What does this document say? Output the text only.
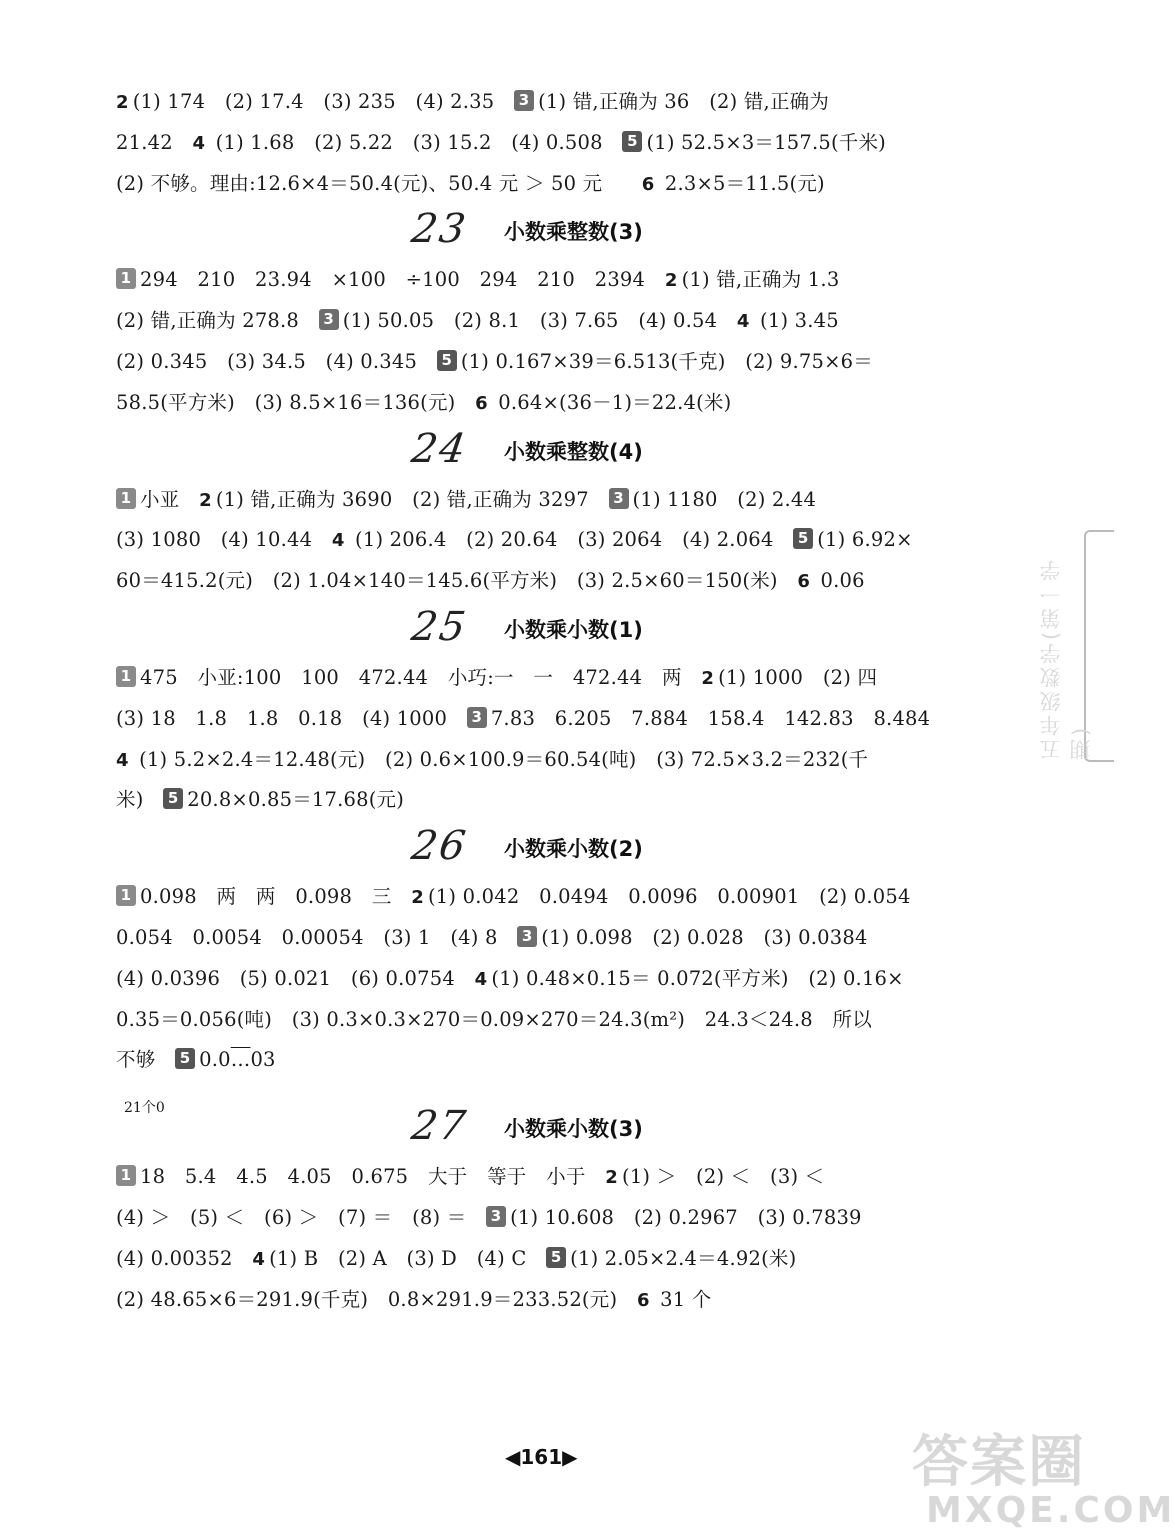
2 (1) 174　(2) 17.4　(3) 235　(4) 2.35　3 (1) 错,正确为 36　(2) 错,正确为
21.42　4 (1) 1.68　(2) 5.22　(3) 15.2　(4) 0.508　5 (1) 52.5×3＝157.5(千米)
(2) 不够。理由:12.6×4＝50.4(元)、50.4 元 ＞ 50 元　　6 2.3×5＝11.5(元)
23 小数乘整数(3)
1 294　210　23.94　×100　÷100　294　210　2394　2 (1) 错,正确为 1.3
(2) 错,正确为 278.8　3 (1) 50.05　(2) 8.1　(3) 7.65　(4) 0.54　4 (1) 3.45
(2) 0.345　(3) 34.5　(4) 0.345　5 (1) 0.167×39＝6.513(千克)　(2) 9.75×6＝
58.5(平方米)　(3) 8.5×16＝136(元)　6 0.64×(36－1)＝22.4(米)
24 小数乘整数(4)
1 小亚　2 (1) 错,正确为 3690　(2) 错,正确为 3297　3 (1) 1180　(2) 2.44
(3) 1080　(4) 10.44　4 (1) 206.4　(2) 20.64　(3) 2064　(4) 2.064　5 (1) 6.92×
60＝415.2(元)　(2) 1.04×140＝145.6(平方米)　(3) 2.5×60＝150(米)　6 0.06
25 小数乘小数(1)
1 475　小亚:100　100　472.44　小巧:一　一　472.44　两　2 (1) 1000　(2) 四
(3) 18　1.8　1.8　0.18　(4) 1000　3 7.83　6.205　7.884　158.4　142.83　8.484
4 (1) 5.2×2.4＝12.48(元)　(2) 0.6×100.9＝60.54(吨)　(3) 72.5×3.2＝232(千
米)　5 20.8×0.85＝17.68(元)
26 小数乘小数(2)
1 0.098　两　两　0.098　三　2 (1) 0.042　0.0494　0.0096　0.00901　(2) 0.054
0.054　0.0054　0.00054　(3) 1　(4) 8　3 (1) 0.098　(2) 0.028　(3) 0.0384
(4) 0.0396　(5) 0.021　(6) 0.0754　4 (1) 0.48×0.15＝ 0.072(平方米)　(2) 0.16×
0.35＝0.056(吨)　(3) 0.3×0.3×270＝0.09×270＝24.3(m²)　24.3＜24.8　所以
不够　5 0.0…03
27 小数乘小数(3)
1 18　5.4　4.5　4.05　0.675　大于　等于　小于　2 (1) ＞　(2) ＜　(3) ＜
(4) ＞　(5) ＜　(6) ＞　(7) ＝　(8) ＝　3 (1) 10.608　(2) 0.2967　(3) 0.7839
(4) 0.00352　4 (1) B　(2) A　(3) D　(4) C　5 (1) 2.05×2.4＝4.92(米)
(2) 48.65×6＝291.9(千克)　0.8×291.9＝233.52(元)　6 31 个
21个0
五年级数学(第一学期)
◀161▶	答案圈
MXQE.COM
